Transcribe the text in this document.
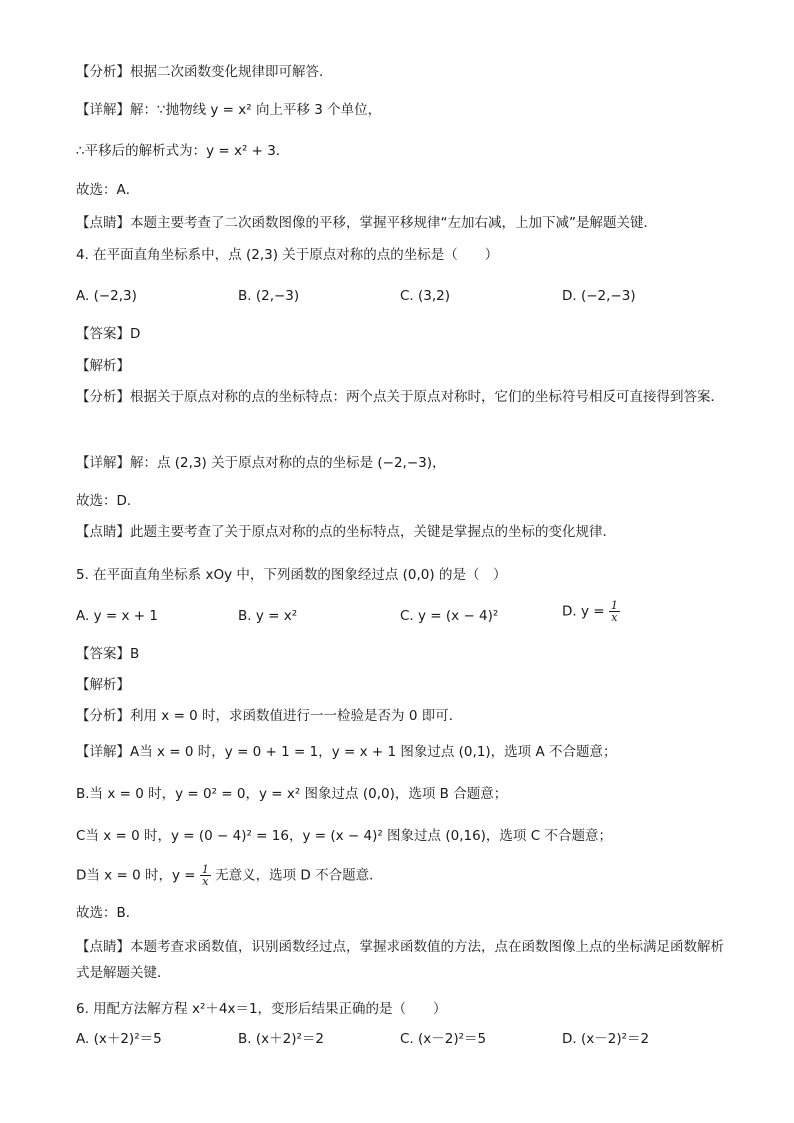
【分析】根据二次函数变化规律即可解答．
【详解】解：∵抛物线 y = x² 向上平移 3 个单位，
∴平移后的解析式为：y = x² + 3．
故选：A．
【点睛】本题主要考查了二次函数图像的平移，掌握平移规律“左加右减，上加下减”是解题关键．
4. 在平面直角坐标系中，点 (2,3) 关于原点对称的点的坐标是（　　）
A. (−2,3)	B. (2,−3)	C. (3,2)	D. (−2,−3)
【答案】D
【解析】
【分析】根据关于原点对称的点的坐标特点：两个点关于原点对称时，它们的坐标符号相反可直接得到答案．
【详解】解：点 (2,3) 关于原点对称的点的坐标是 (−2,−3)，
故选：D．
【点睛】此题主要考查了关于原点对称的点的坐标特点，关键是掌握点的坐标的变化规律．
5. 在平面直角坐标系 xOy 中，下列函数的图象经过点 (0,0) 的是（　）
A. y = x + 1	B. y = x²	C. y = (x − 4)²	D. $y = \frac{1}{x}$
【答案】B
【解析】
【分析】利用 x = 0 时，求函数值进行一一检验是否为 0 即可．
【详解】A当 x = 0 时，y = 0 + 1 = 1，y = x + 1 图象过点 (0,1)，选项 A 不合题意；
B.当 x = 0 时，y = 0² = 0，y = x² 图象过点 (0,0)，选项 B 合题意；
C当 x = 0 时，y = (0 − 4)² = 16，y = (x − 4)² 图象过点 (0,16)，选项 C 不合题意；
D当 x = 0 时，$y = \frac{1}{x}$ 无意义，选项 D 不合题意．
故选：B．
【点睛】本题考查求函数值，识别函数经过点，掌握求函数值的方法，点在函数图像上点的坐标满足函数解析式是解题关键．
6. 用配方法解方程 x²＋4x＝1，变形后结果正确的是（　　）
A. (x＋2)²＝5	B. (x＋2)²＝2	C. (x－2)²＝5	D. (x－2)²＝2
